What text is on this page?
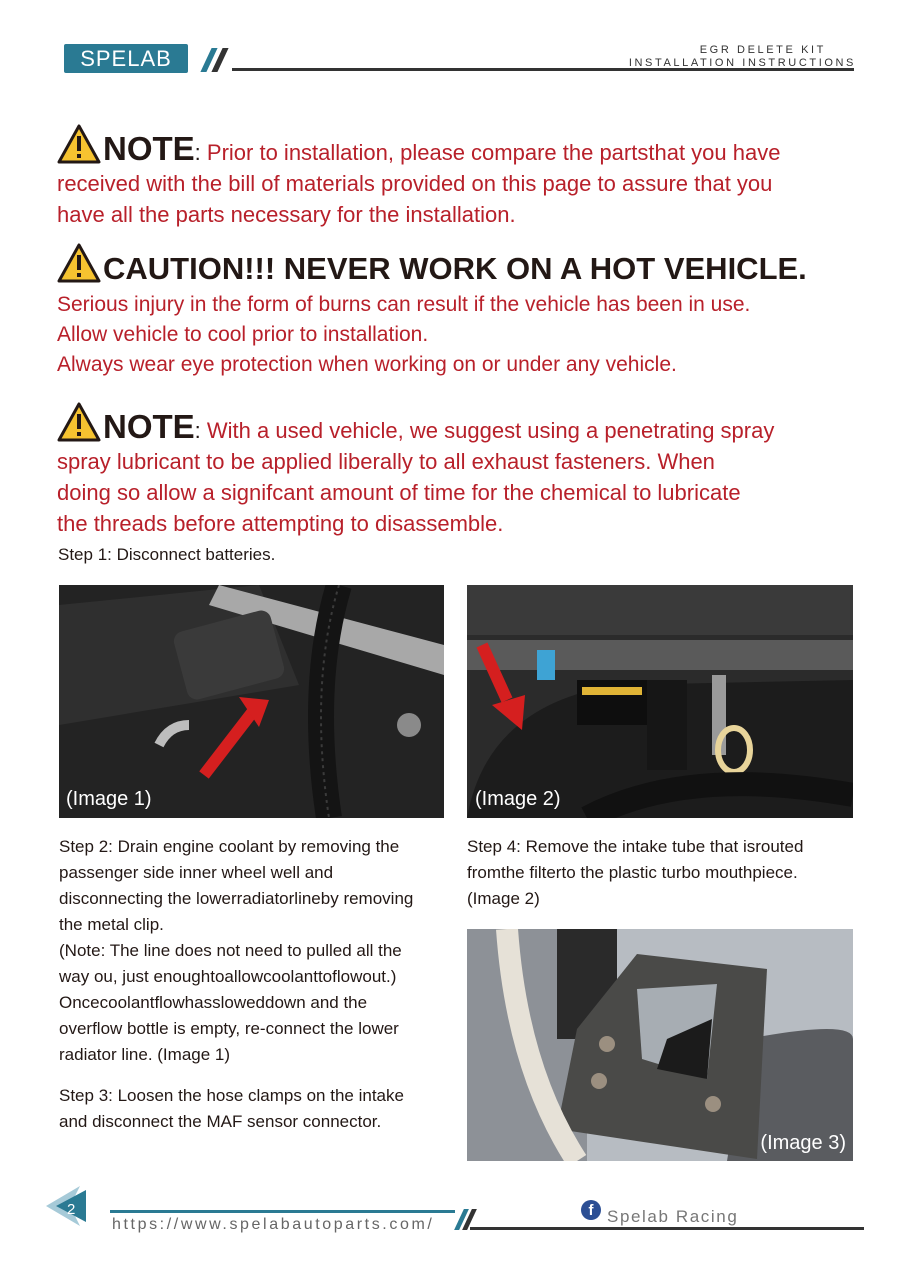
SPELAB	EGR DELETE KIT
INSTALLATION INSTRUCTIONS
NOTE: Prior to installation, please compare the partsthat you have
received with the bill of materials provided on this page to assure that you
have all the parts necessary for the installation.
CAUTION!!! NEVER WORK ON A HOT VEHICLE.
Serious injury in the form of burns can result if the vehicle has been in use.
Allow vehicle to cool prior to installation.
Always wear eye protection when working on or under any vehicle.
NOTE: With a used vehicle, we suggest using a penetrating spray
spray lubricant to be applied liberally to all exhaust fasteners. When
doing so allow a signifcant amount of time for the chemical to lubricate
the threads before attempting to disassemble.
Step 1: Disconnect batteries.
(Image 1)	(Image 2)
Step 2: Drain engine coolant by removing the
passenger side inner wheel well and
disconnecting the lowerradiatorlineby removing
the metal clip.
(Note: The line does not need to pulled all the
way ou, just enoughtoallowcoolanttoflowout.)
Oncecoolantflowhassloweddown and the
overflow bottle is empty, re-connect the lower
radiator line. (Image 1)
Step 3: Loosen the hose clamps on the intake
and disconnect the MAF sensor connector.
Step 4: Remove the intake tube that isrouted
fromthe filterto the plastic turbo mouthpiece.
(Image 2)
(Image 3)
2
https://www.spelabautoparts.com/
f Spelab Racing
